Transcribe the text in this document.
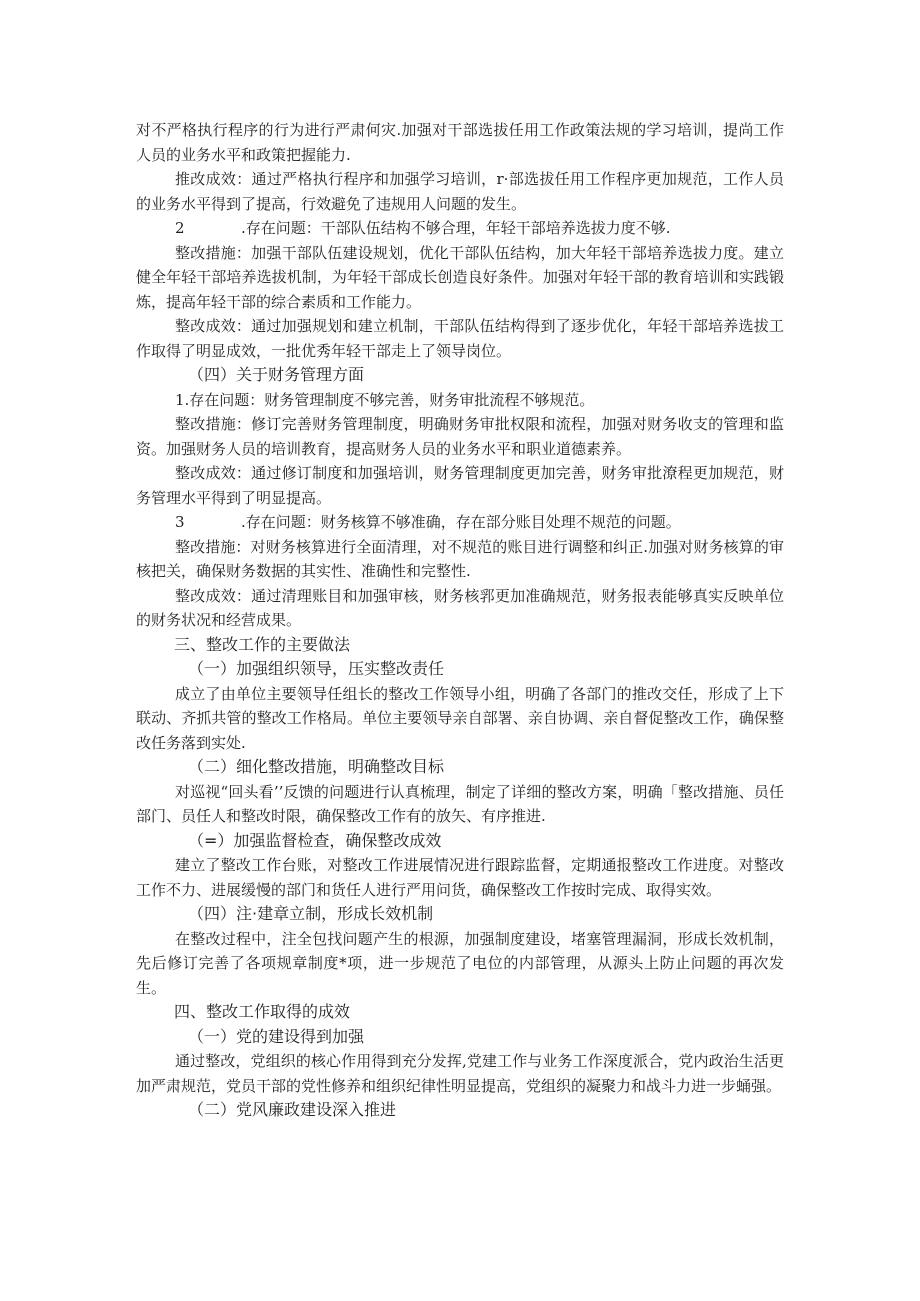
对不严格执行程序的行为进行严肃何灾.加强对干部选拔任用工作政策法规的学习培训，提尚工作人员的业务水平和政策把握能力.

推改成效：通过严格执行程序和加强学习培训，r·部选拔任用工作程序更加规范，工作人员的业务水平得到了提高，行效避免了违规用人问题的发生。

2	.存在问题：干部队伍结构不够合理，年轻干部培养选拔力度不够.

整改措施：加强干部队伍建设规划，优化干部队伍结构，加大年轻干部培养选拔力度。建立健全年轻干部培养选拔机制，为年轻干部成长创造良好条件。加强对年轻干部的教育培训和实践锻炼，提高年轻干部的综合素质和工作能力。

整改成效：通过加强规划和建立机制，干部队伍结构得到了逐步优化，年轻干部培养选拔工作取得了明显成效，一批优秀年轻干部走上了领导岗位。

（四）关于财务管理方面

1.存在问题：财务管理制度不够完善，财务审批流程不够规范。

整改措施：修订完善财务管理制度，明确财务审批权限和流程，加强对财务收支的管理和监资。加强财务人员的培训教育，提高财务人员的业务水平和职业道德素养。

整改成效：通过修订制度和加强培训，财务管理制度更加完善，财务审批潦程更加规范，财务管理水平得到了明显提高。

3	.存在问题：财务核算不够准确，存在部分账目处理不规范的问题。

整改措施：对财务核算进行全面清理，对不规范的账目进行调整和纠正.加强对财务核算的审核把关，确保财务数据的其实性、准确性和完整性.

整改成效：通过清理账目和加强审核，财务核郛更加准确规范，财务报表能够真实反映单位的财务状况和经营成果。

三、整改工作的主要做法

（一）加强组织领导，压实整改责任

成立了由单位主要领导任组长的整改工作领导小组，明确了各部门的推改交任，形成了上下联动、齐抓共管的整改工作格局。单位主要领导亲自部署、亲自协调、亲自督促整改工作，确保整改任务落到实处.

（二）细化整改措施，明确整改目标

对巡视“回头看’’反馈的问题进行认真梳理，制定了详细的整改方案，明确「整改措施、员任部门、员任人和整改时限，确保整改工作有的放矢、有序推进.

（=）加强监督检查，确保整改成效

建立了整改工作台账，对整改工作进展情况进行跟踪监督，定期通报整改工作进度。对整改工作不力、进展缓慢的部门和货任人进行严用问货，确保整改工作按时完成、取得实效。

（四）注·建章立制，形成长效机制

在整改过程中，注全包找问题产生的根源，加强制度建设，堵塞管理漏洞，形成长效机制，先后修订完善了各项规章制度*项，进一步规范了电位的内部管理，从源头上防止问题的再次发生。

四、整改工作取得的成效

（一）党的建设得到加强

通过整改，党组织的核心作用得到充分发挥,党建工作与业务工作深度派合，党内政治生活更加严肃规范，党员干部的党性修养和组织纪律性明显提高，党组织的凝聚力和战斗力进一步蛹强。

（二）党风廉政建设深入推进
